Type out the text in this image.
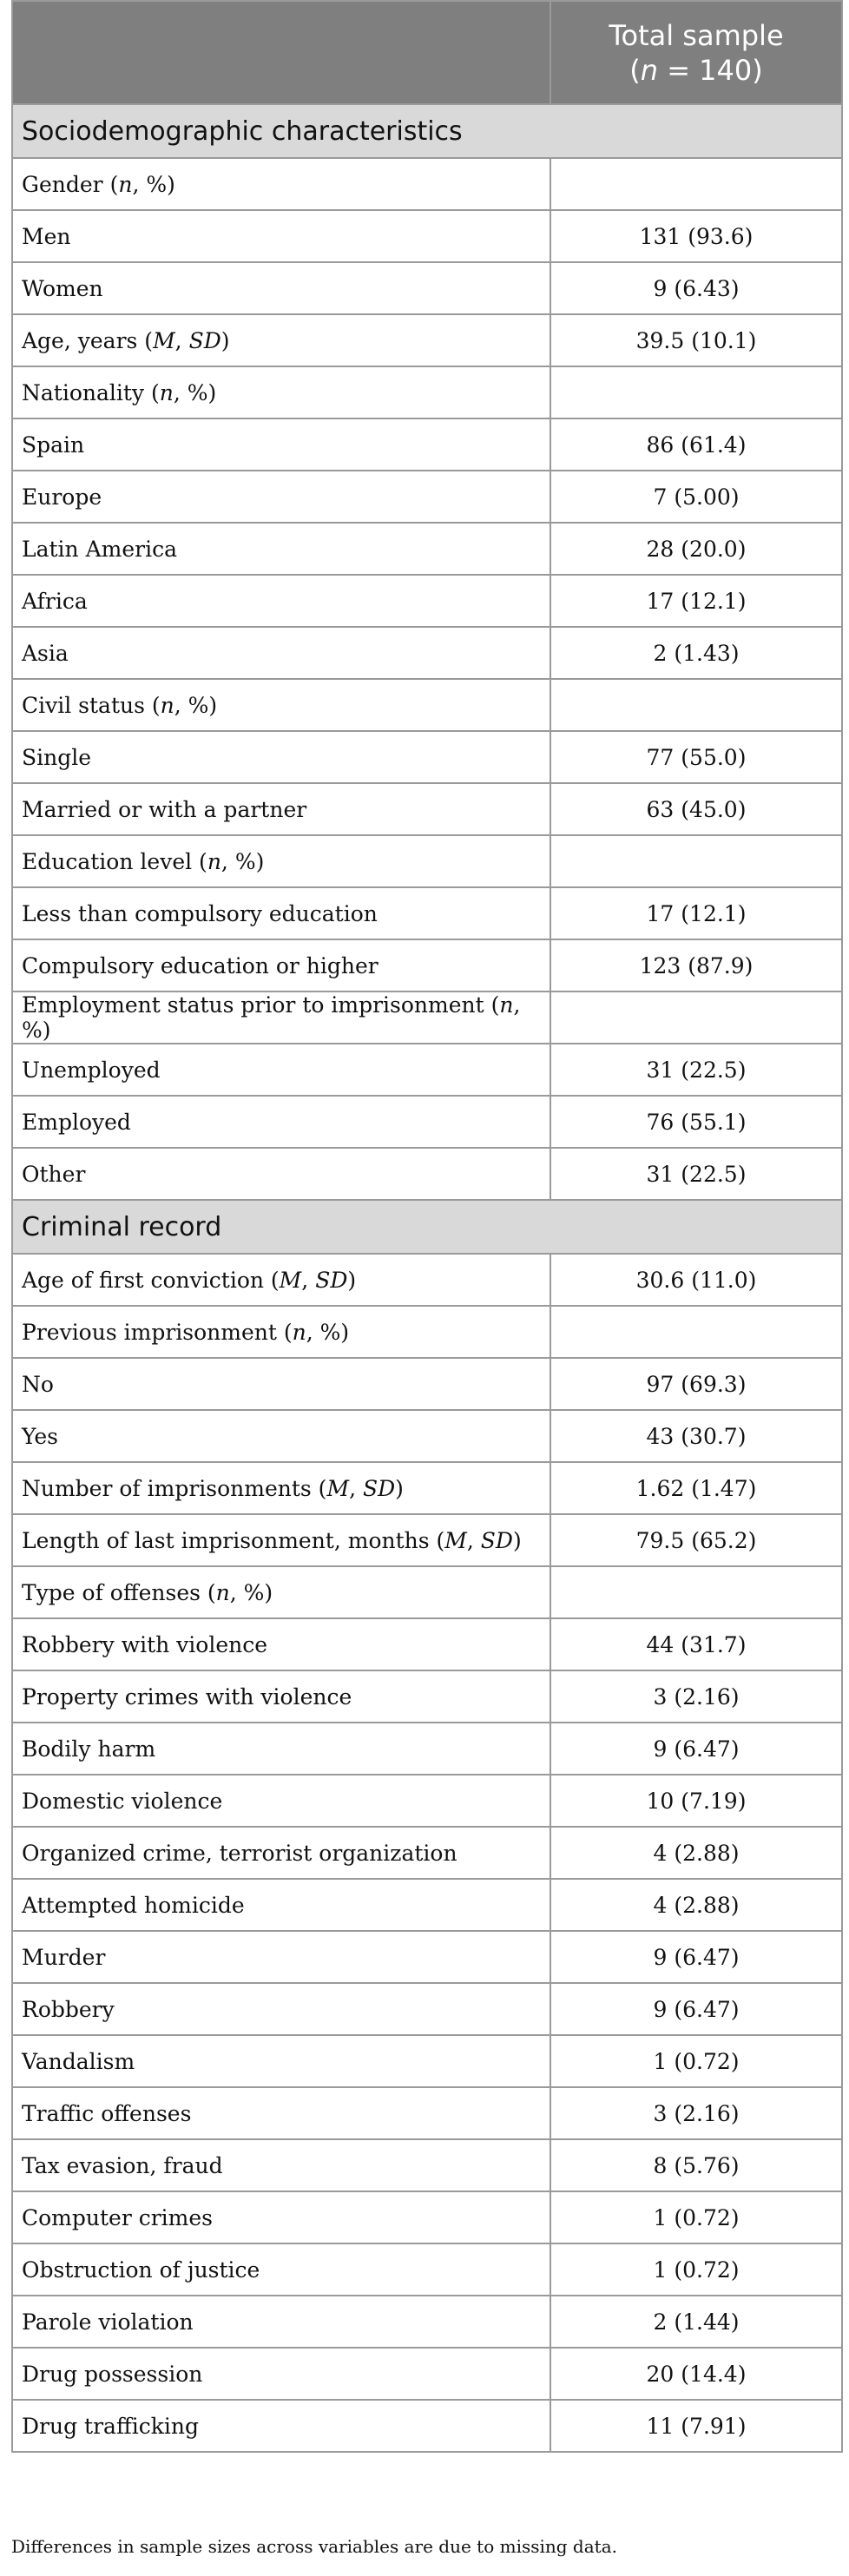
	Total sample
(n = 140)
Sociodemographic characteristics	
Gender (n, %)	
Men	131 (93.6)
Women	9 (6.43)
Age, years (M, SD)	39.5 (10.1)
Nationality (n, %)	
Spain	86 (61.4)
Europe	7 (5.00)
Latin America	28 (20.0)
Africa	17 (12.1)
Asia	2 (1.43)
Civil status (n, %)	
Single	77 (55.0)
Married or with a partner	63 (45.0)
Education level (n, %)	
Less than compulsory education	17 (12.1)
Compulsory education or higher	123 (87.9)
Employment status prior to imprisonment (n, %)	
Unemployed	31 (22.5)
Employed	76 (55.1)
Other	31 (22.5)
Criminal record	
Age of first conviction (M, SD)	30.6 (11.0)
Previous imprisonment (n, %)	
No	97 (69.3)
Yes	43 (30.7)
Number of imprisonments (M, SD)	1.62 (1.47)
Length of last imprisonment, months (M, SD)	79.5 (65.2)
Type of offenses (n, %)	
Robbery with violence	44 (31.7)
Property crimes with violence	3 (2.16)
Bodily harm	9 (6.47)
Domestic violence	10 (7.19)
Organized crime, terrorist organization	4 (2.88)
Attempted homicide	4 (2.88)
Murder	9 (6.47)
Robbery	9 (6.47)
Vandalism	1 (0.72)
Traffic offenses	3 (2.16)
Tax evasion, fraud	8 (5.76)
Computer crimes	1 (0.72)
Obstruction of justice	1 (0.72)
Parole violation	2 (1.44)
Drug possession	20 (14.4)
Drug trafficking	11 (7.91)
Differences in sample sizes across variables are due to missing data.
